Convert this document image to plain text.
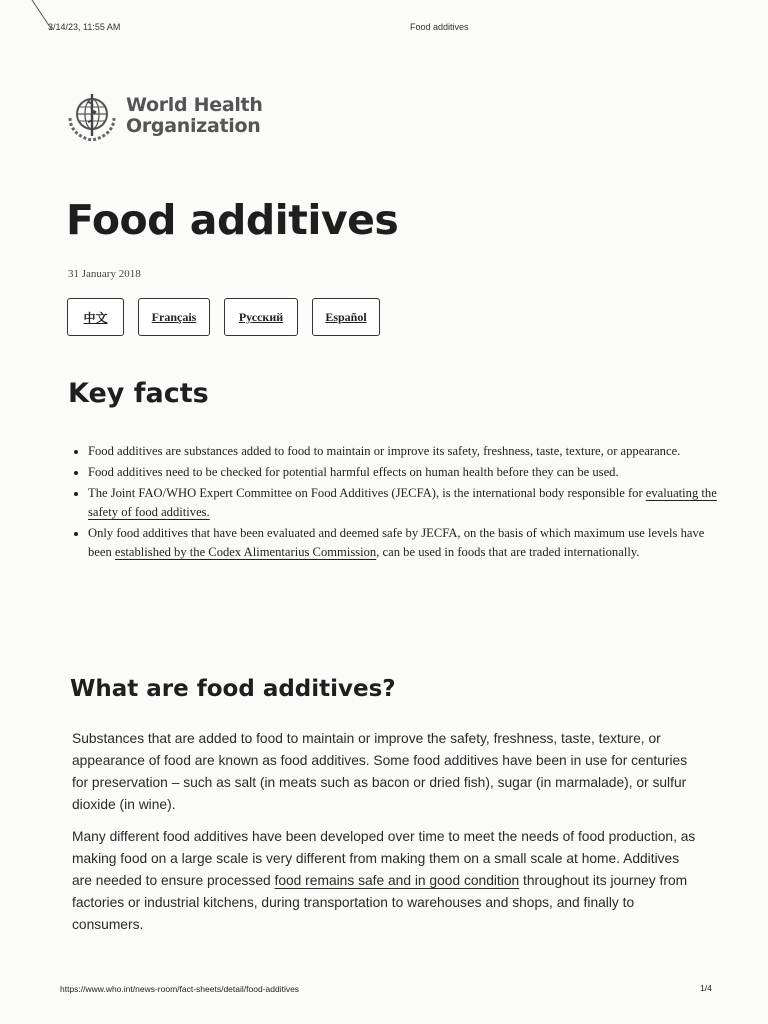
3/14/23, 11:55 AM	Food additives
World Health
Organization
Food additives
31 January 2018
中文	Français	Русский	Español
Key facts
• Food additives are substances added to food to maintain or improve its safety, freshness, taste, texture, or appearance.
• Food additives need to be checked for potential harmful effects on human health before they can be used.
• The Joint FAO/WHO Expert Committee on Food Additives (JECFA), is the international body responsible for evaluating the safety of food additives.
• Only food additives that have been evaluated and deemed safe by JECFA, on the basis of which maximum use levels have been established by the Codex Alimentarius Commission, can be used in foods that are traded internationally.
What are food additives?

Substances that are added to food to maintain or improve the safety, freshness, taste, texture, or appearance of food are known as food additives. Some food additives have been in use for centuries for preservation – such as salt (in meats such as bacon or dried fish), sugar (in marmalade), or sulfur dioxide (in wine).

Many different food additives have been developed over time to meet the needs of food production, as making food on a large scale is very different from making them on a small scale at home. Additives are needed to ensure processed food remains safe and in good condition throughout its journey from factories or industrial kitchens, during transportation to warehouses and shops, and finally to consumers.

https://www.who.int/news-room/fact-sheets/detail/food-additives	1/4
